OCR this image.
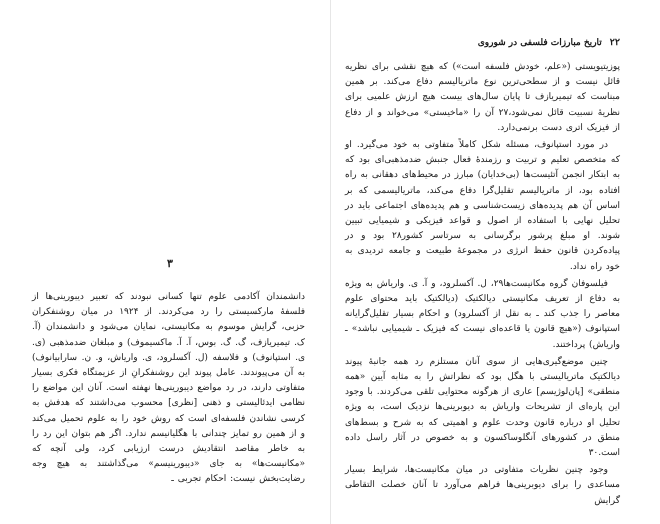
۳

دانشمندان آکادمی علوم تنها کسانی نبودند که تعبیر دیبورینی‌ها از فلسفهٔ مارکسیستی را رد می‌کردند. از ۱۹۲۴ در میان روشنفکران حزبی، گرایش موسوم به مکانیستی، نمایان می‌شود و دانشمندان (آ. ک. تیمیریازف، گ. گ. بوس، آ. آ. ماکسیموف) و مبلغان ضدمذهبی (ی. ی. استپانوف) و فلاسفه (ل. آکسلرود، ی. واریاش، و. ن. سارابیانوف) به آن می‌پیوندند. عامل پیوند این روشنفکرانِ از عزیمتگاه فکری بسیار متفاوتی دارند، در رد مواضع دیبورینی‌ها نهفته است. آنان این مواضع را نظامی ایدئالیستی و ذهنی [نظری] محسوب می‌داشتند که هدفش به کرسی نشاندن فلسفه‌ای است که روش خود را به علوم تحمیل می‌کند و از همین رو تمایز چندانی با هگلیانیسم ندارد. اگر هم بتوان این رد را به خاطر مقاصد انتقادیش درست ارزیابی کرد، ولی آنچه که «مکانیست‌ها» به جای «دیبورینیسم» می‌گذاشتند به هیچ وجه رضایت‌بخش نیست: احکام تجربی ـ

۲۲
تاریخ مبارزات فلسفی در شوروی

پوزیتیویستی («علم، خودش فلسفه است») که هیچ نقشی برای نظریه قائل نیست و از سطحی‌ترین نوع ماتریالیسم دفاع می‌کند. بر همین مبناست که تیمیریازف تا پایان سال‌های بیست هیچ ارزش علمیی برای نظریهٔ نسبیت قائل نمی‌شود،۲۷ آن را «ماخیستی» می‌خواند و از دفاع از فیزیک اتری دست برنمی‌دارد.

در مورد استپانوف، مسئله شکل کاملاً متفاوتی به خود می‌گیرد. او که متخصص تعلیم و تربیت و رزمندهٔ فعال جنبش ضدمذهبی‌ای بود که به ابتکار انجمن آتئیست‌ها (بی‌خدایان) مبارز در محیط‌های دهقانی به راه افتاده بود، از ماتریالیسم تقلیل‌گرا دفاع می‌کند، ماتریالیسمی که بر اساس آن هم پدیده‌های زیست‌شناسی و هم پدیده‌های اجتماعی باید در تحلیل نهایی با استفاده از اصول و قواعد فیزیکی و شیمیایی تبیین شوند. او مبلغ پرشور برگرسانی به سرتاسر کشور۲۸ بود و در پیاده‌کردن قانون حفظ انرژی در مجموعهٔ طبیعت و جامعه تردیدی به خود راه نداد.

فیلسوفان گروه مکانیست‌ها۲۹، ل. آکسلرود، و آ. ی. واریاش به ویژه به دفاع از تعریف مکانیستی دیالکتیک (دیالکتیک باید محتوای علوم معاصر را جذب کند ـ به نقل از آکسلرود) و احکام بسیار تقلیل‌گرایانه استپانوف («هیچ قانون یا قاعده‌ای نیست که فیزیک ـ شیمیایی نباشد» ـ واریاش) پرداختند.

چنین موضع‌گیری‌هایی از سوی آنان مستلزم رد همه جانبهٔ پیوند دیالکتیک ماتریالیستی با هگل بود که نظراتش را به مثابه آیین «همه منطقی» [پان‌لوژیسم] عاری از هرگونه محتوایی تلقی می‌کردند. با وجود این پاره‌ای از تشریحات واریاش به دیوبرینی‌ها نزدیک است، به ویژه تحلیل او درباره قانون وحدت علوم و اهمیتی که به شرح و بسط‌های منطق در کشورهای آنگلوساکسون و به خصوص در آثار راسل داده است.۳۰

وجود چنین نظریات متفاوتی در میان مکانیست‌ها، شرایط بسیار مساعدی را برای دیوبرینی‌ها فراهم می‌آورد تا آنان خصلت التقاطی گرایش
